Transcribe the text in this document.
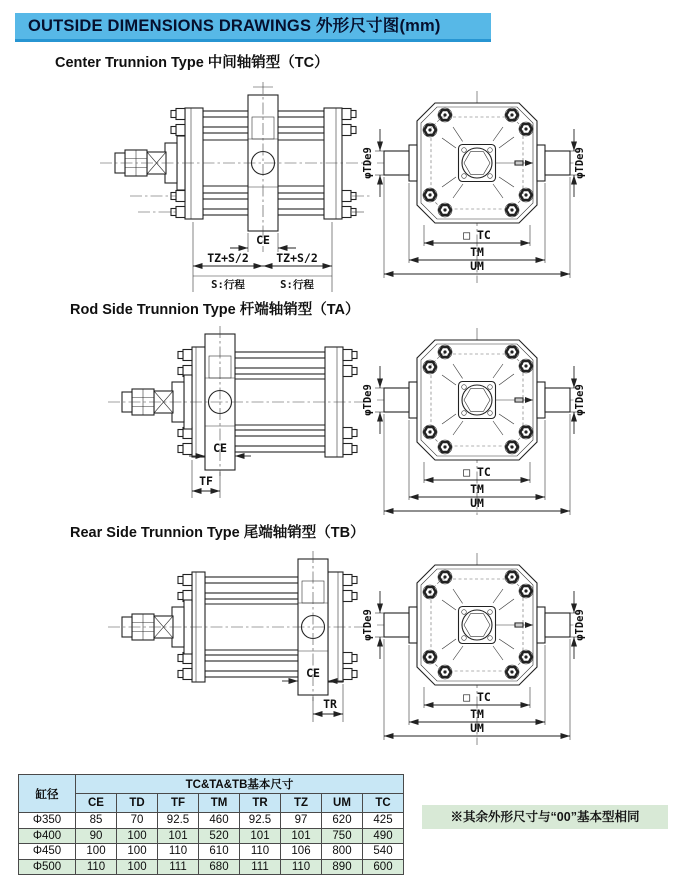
OUTSIDE DIMENSIONS DRAWINGS 外形尺寸图(mm)
Center Trunnion Type 中间轴销型（TC）
Rod Side Trunnion Type 杆端轴销型（TA）
Rear Side Trunnion Type 尾端轴销型（TB）
CE
TZ+S/2 TZ+S/2
S:行程	S:行程
CE
TF
CE
TR
缸径	TC&TA&TB基本尺寸							
	CE	TD	TF	TM	TR	TZ	UM	TC
Φ350	85	70	92.5	460	92.5	97	620	425
Φ400	90	100	101	520	101	101	750	490
Φ450	100	100	110	610	110	106	800	540
Φ500	110	100	111	680	111	110	890	600
※其余外形尺寸与“00”基本型相同
